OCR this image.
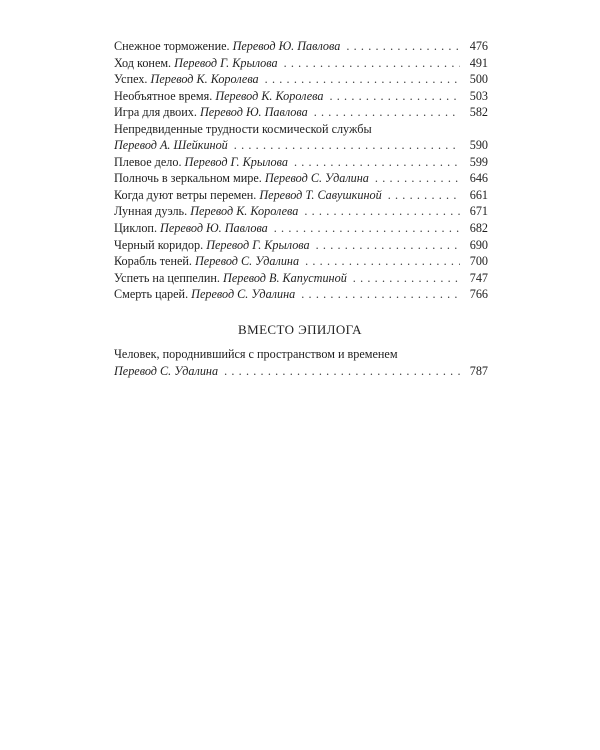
Снежное торможение. Перевод Ю. Павлова . . .	476
Ход конем. Перевод Г. Крылова . . .	491
Успех. Перевод К. Королева . . .	500
Необъятное время. Перевод К. Королева . . .	503
Игра для двоих. Перевод Ю. Павлова . . .	582
Непредвиденные трудности космической службы
Перевод А. Шейкиной . . .	590
Плевое дело. Перевод Г. Крылова . . .	599
Полночь в зеркальном мире. Перевод С. Удалина . . .	646
Когда дуют ветры перемен. Перевод Т. Савушкиной . . .	661
Лунная дуэль. Перевод К. Королева . . .	671
Циклоп. Перевод Ю. Павлова . . .	682
Черный коридор. Перевод Г. Крылова . . .	690
Корабль теней. Перевод С. Удалина . . .	700
Успеть на цеппелин. Перевод В. Капустиной . . .	747
Смерть царей. Перевод С. Удалина . . .	766
ВМЕСТО ЭПИЛОГА
Человек, породнившийся с пространством и временем
Перевод С. Удалина . . .	787
